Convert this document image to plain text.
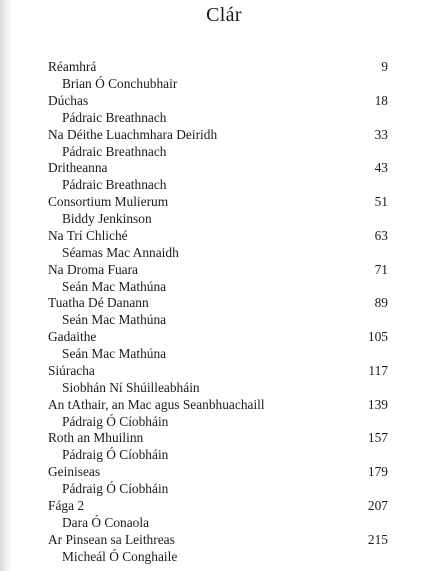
Clár
Réamhrá	9
Brian Ó Conchubhair
Dúchas	18
Pádraic Breathnach
Na Déithe Luachmhara Deiridh	33
Pádraic Breathnach
Dritheanna	43
Pádraic Breathnach
Consortium Mulierum	51
Biddy Jenkinson
Na Trí Chliché	63
Séamas Mac Annaidh
Na Droma Fuara	71
Seán Mac Mathúna
Tuatha Dé Danann	89
Seán Mac Mathúna
Gadaithe	105
Seán Mac Mathúna
Siúracha	117
Siobhán Ní Shúilleabháin
An tAthair, an Mac agus Seanbhuachaill	139
Pádraig Ó Cíobháin
Roth an Mhuilinn	157
Pádraig Ó Cíobháin
Geiniseas	179
Pádraig Ó Cíobháin
Fága 2	207
Dara Ó Conaola
Ar Pinsean sa Leithreas	215
Micheál Ó Conghaile
